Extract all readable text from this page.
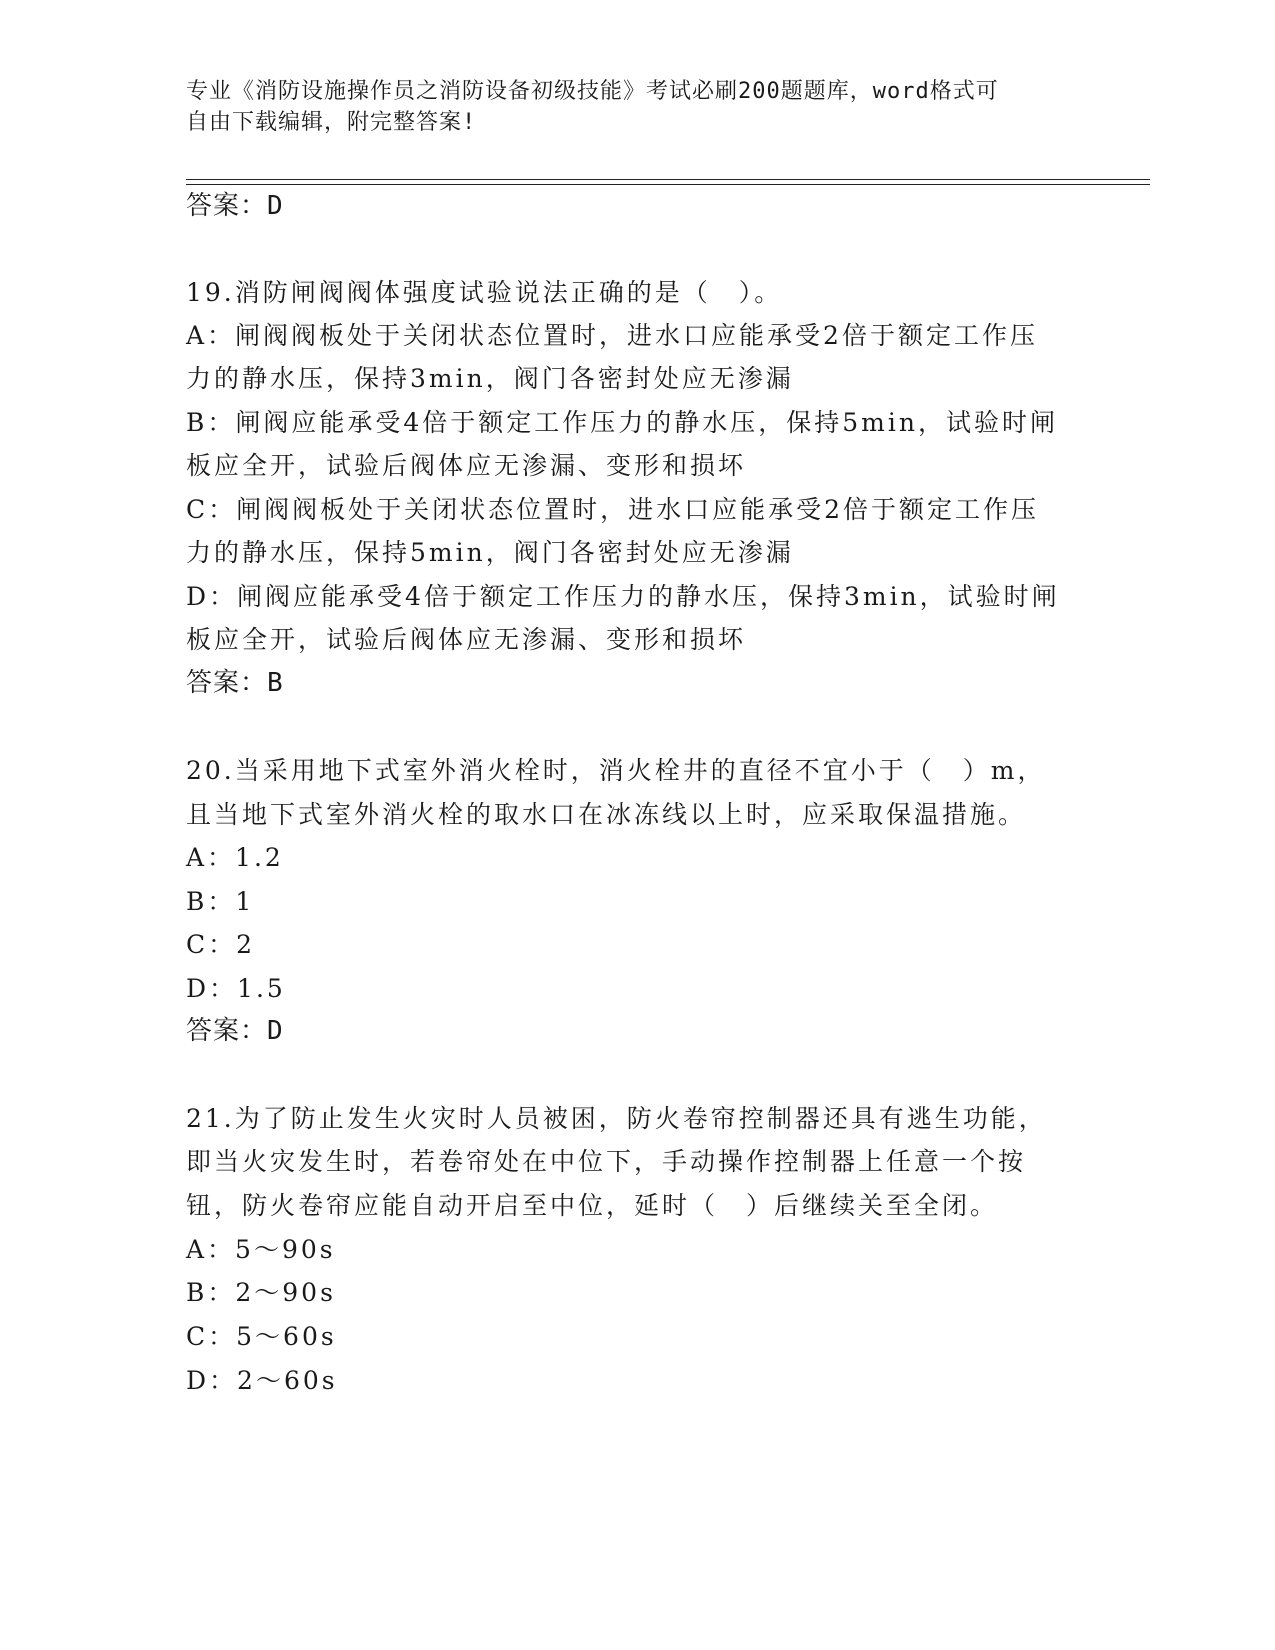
专业《消防设施操作员之消防设备初级技能》考试必刷200题题库，word格式可
自由下载编辑，附完整答案!
答案：D
19.消防闸阀阀体强度试验说法正确的是（　）。
A：闸阀阀板处于关闭状态位置时，进水口应能承受2倍于额定工作压
力的静水压，保持3min，阀门各密封处应无渗漏
B：闸阀应能承受4倍于额定工作压力的静水压，保持5min，试验时闸
板应全开，试验后阀体应无渗漏、变形和损坏
C：闸阀阀板处于关闭状态位置时，进水口应能承受2倍于额定工作压
力的静水压，保持5min，阀门各密封处应无渗漏
D：闸阀应能承受4倍于额定工作压力的静水压，保持3min，试验时闸
板应全开，试验后阀体应无渗漏、变形和损坏
答案：B
20.当采用地下式室外消火栓时，消火栓井的直径不宜小于（　）m，
且当地下式室外消火栓的取水口在冰冻线以上时，应采取保温措施。
A：1.2
B：1
C：2
D：1.5
答案：D
21.为了防止发生火灾时人员被困，防火卷帘控制器还具有逃生功能，
即当火灾发生时，若卷帘处在中位下，手动操作控制器上任意一个按
钮，防火卷帘应能自动开启至中位，延时（　）后继续关至全闭。
A：5～90s
B：2～90s
C：5～60s
D：2～60s
